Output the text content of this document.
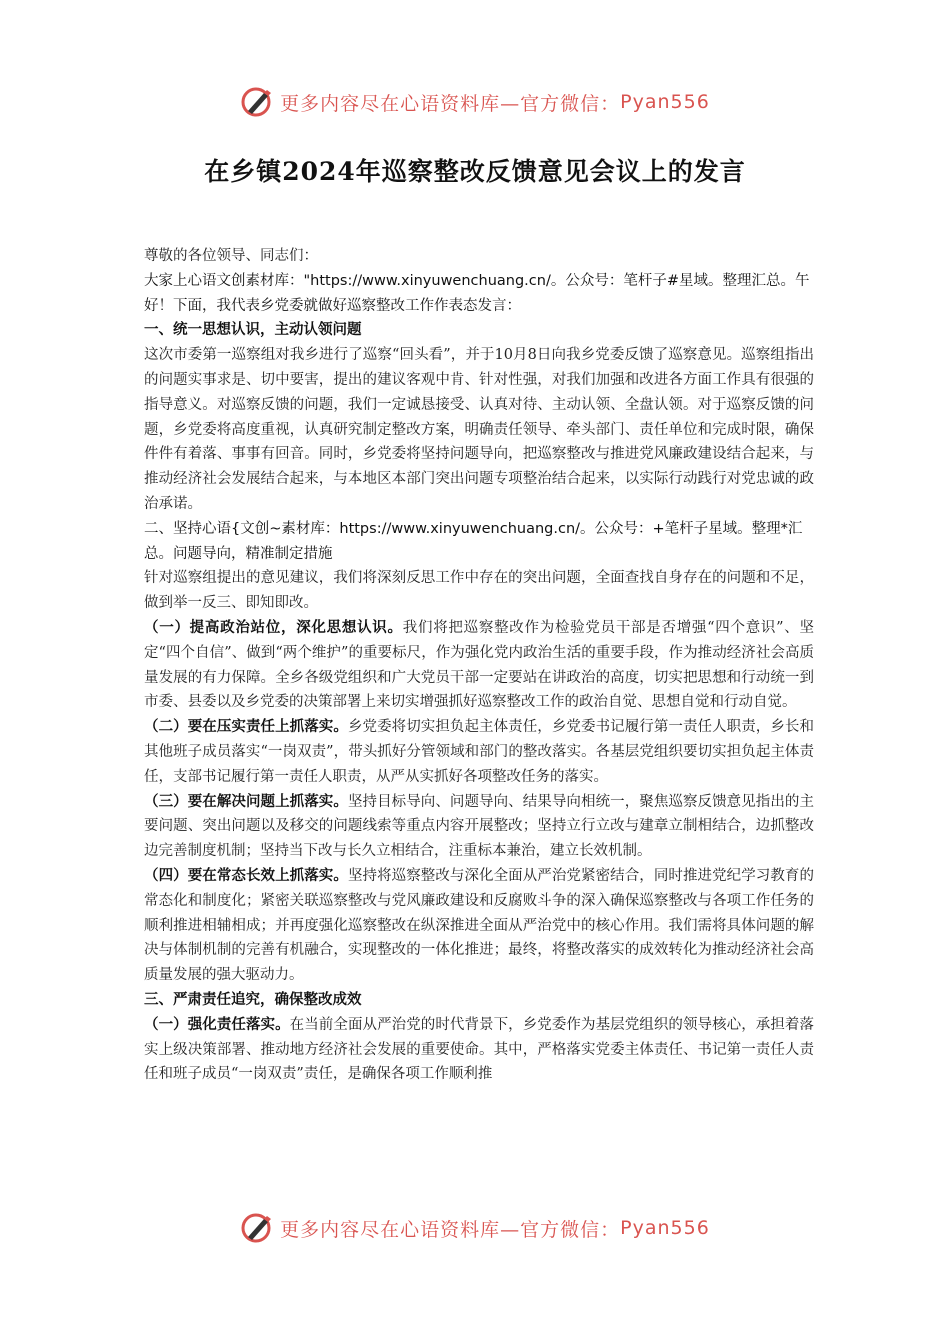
更多内容尽在心语资料库—官方微信： Pyan556
在乡镇2024年巡察整改反馈意见会议上的发言

尊敬的各位领导、同志们：

大家上心语文创素材库："https://www.xinyuwenchuang.cn/。公众号：笔杆子#星域。整理汇总。午好！下面，我代表乡党委就做好巡察整改工作作表态发言：

一、统一思想认识，主动认领问题

这次市委第一巡察组对我乡进行了巡察“回头看”，并于10月8日向我乡党委反馈了巡察意见。巡察组指出的问题实事求是、切中要害，提出的建议客观中肯、针对性强，对我们加强和改进各方面工作具有很强的指导意义。对巡察反馈的问题，我们一定诚恳接受、认真对待、主动认领、全盘认领。对于巡察反馈的问题，乡党委将高度重视，认真研究制定整改方案，明确责任领导、牵头部门、责任单位和完成时限，确保件件有着落、事事有回音。同时，乡党委将坚持问题导向，把巡察整改与推进党风廉政建设结合起来，与推动经济社会发展结合起来，与本地区本部门突出问题专项整治结合起来，以实际行动践行对党忠诚的政治承诺。

二、坚持心语{文创~素材库：https://www.xinyuwenchuang.cn/。公众号：+笔杆子星域。整理*汇总。问题导向，精准制定措施

针对巡察组提出的意见建议，我们将深刻反思工作中存在的突出问题，全面查找自身存在的问题和不足，做到举一反三、即知即改。

（一）提高政治站位，深化思想认识。我们将把巡察整改作为检验党员干部是否增强“四个意识”、坚定“四个自信”、做到“两个维护”的重要标尺，作为强化党内政治生活的重要手段，作为推动经济社会高质量发展的有力保障。全乡各级党组织和广大党员干部一定要站在讲政治的高度，切实把思想和行动统一到市委、县委以及乡党委的决策部署上来切实增强抓好巡察整改工作的政治自觉、思想自觉和行动自觉。

（二）要在压实责任上抓落实。乡党委将切实担负起主体责任，乡党委书记履行第一责任人职责，乡长和其他班子成员落实“一岗双责”，带头抓好分管领域和部门的整改落实。各基层党组织要切实担负起主体责任，支部书记履行第一责任人职责，从严从实抓好各项整改任务的落实。

（三）要在解决问题上抓落实。坚持目标导向、问题导向、结果导向相统一，聚焦巡察反馈意见指出的主要问题、突出问题以及移交的问题线索等重点内容开展整改；坚持立行立改与建章立制相结合，边抓整改边完善制度机制；坚持当下改与长久立相结合，注重标本兼治，建立长效机制。

（四）要在常态长效上抓落实。坚持将巡察整改与深化全面从严治党紧密结合，同时推进党纪学习教育的常态化和制度化；紧密关联巡察整改与党风廉政建设和反腐败斗争的深入确保巡察整改与各项工作任务的顺利推进相辅相成；并再度强化巡察整改在纵深推进全面从严治党中的核心作用。我们需将具体问题的解决与体制机制的完善有机融合，实现整改的一体化推进；最终，将整改落实的成效转化为推动经济社会高质量发展的强大驱动力。

三、严肃责任追究，确保整改成效

（一）强化责任落实。在当前全面从严治党的时代背景下，乡党委作为基层党组织的领导核心，承担着落实上级决策部署、推动地方经济社会发展的重要使命。其中，严格落实党委主体责任、书记第一责任人责任和班子成员“一岗双责”责任，是确保各项工作顺利推

更多内容尽在心语资料库—官方微信： Pyan556
